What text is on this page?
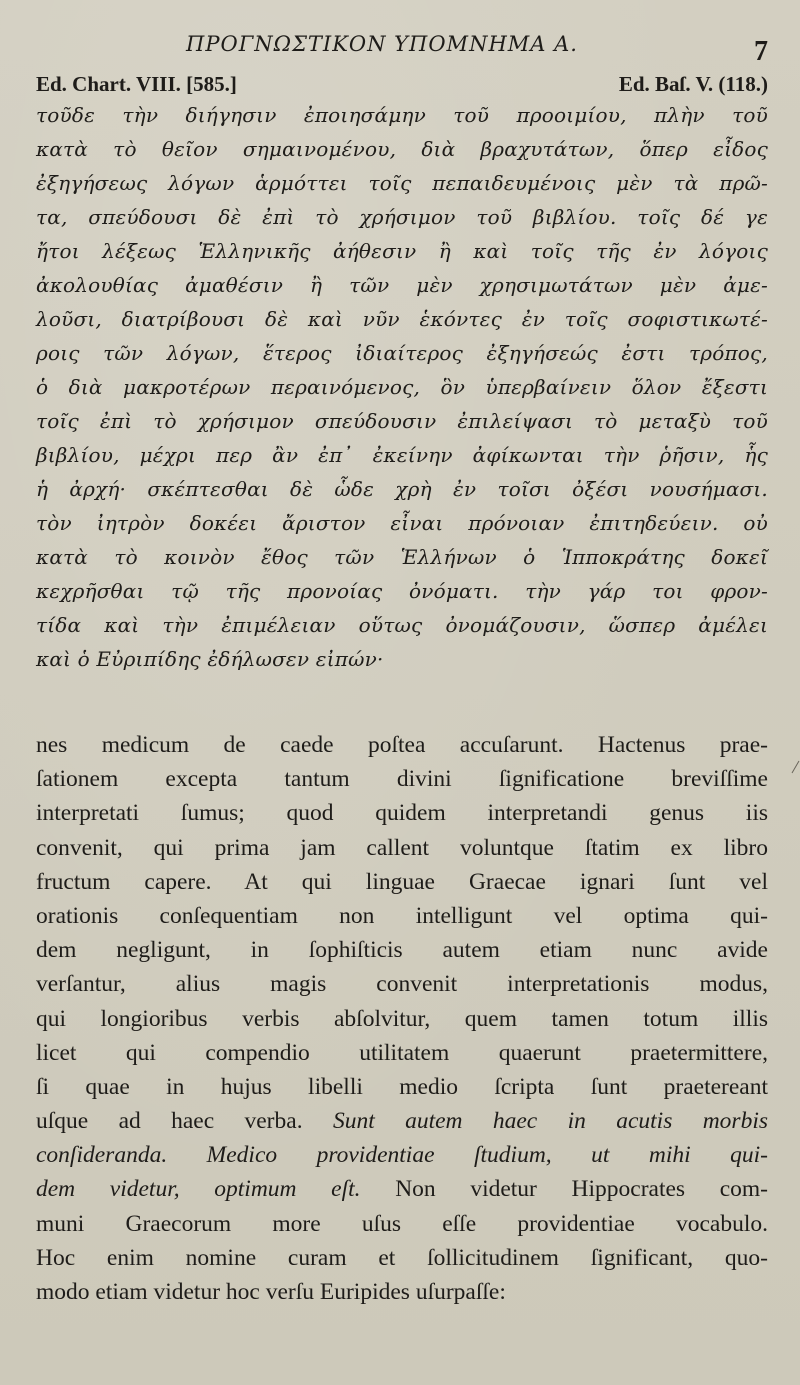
ΠΡΟΓΝΩΣΤΙΚΟΝ ΥΠΟΜΝΗΜΑ Α.	7
Ed. Chart. VIII. [585.]	Ed. Baſ. V. (118.)
τοῦδε τὴν διήγησιν ἐποιησάμην τοῦ προοιμίου, πλὴν τοῦ
κατὰ τὸ θεῖον σημαινομένου, διὰ βραχυτάτων, ὅπερ εἶδος
ἐξηγήσεως λόγων ἁρμόττει τοῖς πεπαιδευμένοις μὲν τὰ πρῶ-
τα, σπεύδουσι δὲ ἐπὶ τὸ χρήσιμον τοῦ βιβλίου. τοῖς δέ γε
ἤτοι λέξεως Ἑλληνικῆς ἀήθεσιν ἢ καὶ τοῖς τῆς ἐν λόγοις
ἀκολουθίας ἀμαθέσιν ἢ τῶν μὲν χρησιμωτάτων μὲν ἀμε-
λοῦσι, διατρίβουσι δὲ καὶ νῦν ἑκόντες ἐν τοῖς σοφιστικωτέ-
ροις τῶν λόγων, ἕτερος ἰδιαίτερος ἐξηγήσεώς ἐστι τρόπος,
ὁ διὰ μακροτέρων περαινόμενος, ὃν ὑπερβαίνειν ὅλον ἔξεστι
τοῖς ἐπὶ τὸ χρήσιμον σπεύδουσιν ἐπιλείψασι τὸ μεταξὺ τοῦ
βιβλίου, μέχρι περ ἂν ἐπ᾽ ἐκείνην ἀφίκωνται τὴν ῥῆσιν, ἧς
ἡ ἀρχή· σκέπτεσθαι δὲ ὧδε χρὴ ἐν τοῖσι ὀξέσι νουσήμασι.
τὸν ἰητρὸν δοκέει ἄριστον εἶναι πρόνοιαν ἐπιτηδεύειν. οὐ
κατὰ τὸ κοινὸν ἔθος τῶν Ἑλλήνων ὁ Ἱπποκράτης δοκεῖ
κεχρῆσθαι τῷ τῆς προνοίας ὀνόματι. τὴν γάρ τοι φρον-
τίδα καὶ τὴν ἐπιμέλειαν οὕτως ὀνομάζουσιν, ὥσπερ ἀμέλει
καὶ ὁ Εὐριπίδης ἐδήλωσεν εἰπών·
nes medicum de caede poſtea accuſarunt. Hactenus prae-
ſationem excepta tantum divini ſignificatione breviſſime
interpretati ſumus; quod quidem interpretandi genus iis
convenit, qui prima jam callent voluntque ſtatim ex libro
fructum capere. At qui linguae Graecae ignari ſunt vel
orationis conſequentiam non intelligunt vel optima qui-
dem negligunt, in ſophiſticis autem etiam nunc avide
verſantur, alius magis convenit interpretationis modus,
qui longioribus verbis abſolvitur, quem tamen totum illis
licet qui compendio utilitatem quaerunt praetermittere,
ſi quae in hujus libelli medio ſcripta ſunt praetereant
uſque ad haec verba. Sunt autem haec in acutis morbis
conſideranda. Medico providentiae ſtudium, ut mihi qui-
dem videtur, optimum eſt. Non videtur Hippocrates com-
muni Graecorum more uſus eſſe providentiae vocabulo.
Hoc enim nomine curam et ſollicitudinem ſignificant, quo-
modo etiam videtur hoc verſu Euripides uſurpaſſe:
